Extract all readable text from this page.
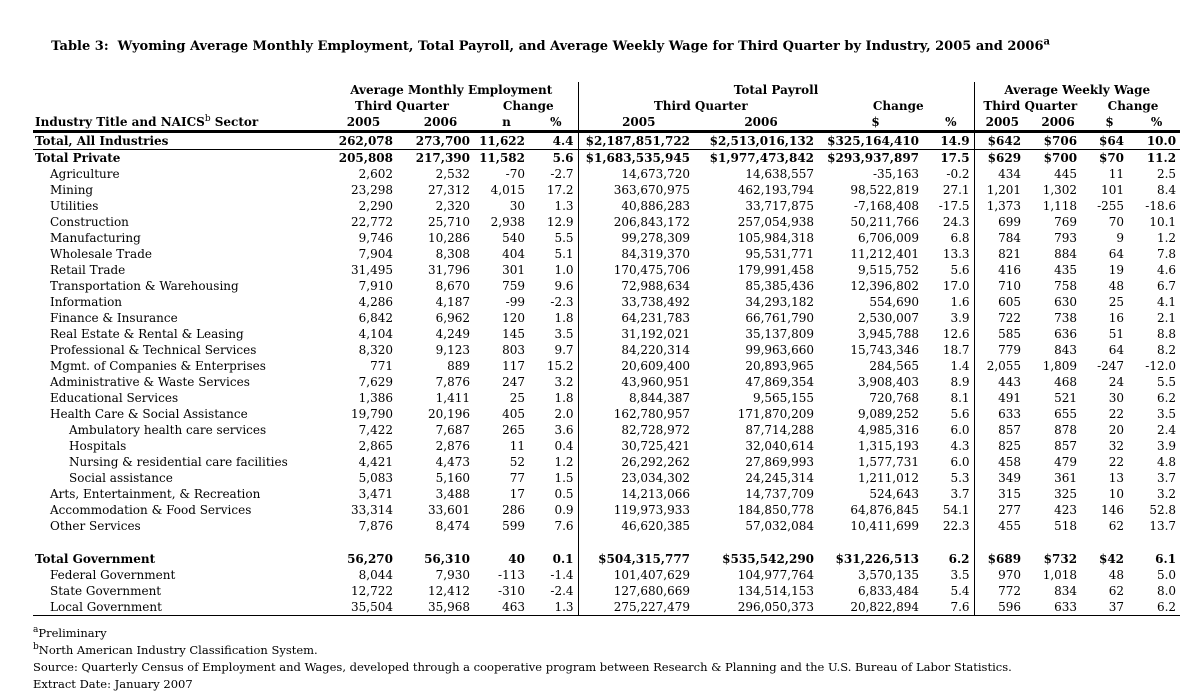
Table 3:  Wyoming Average Monthly Employment, Total Payroll, and Average Weekly Wage for Third Quarter by Industry, 2005 and 2006$^a$

Industry Title and NAICS$^b$ Sector	Average Monthly Employment				Total Payroll				Average Weekly Wage			
	Third Quarter		Change		Third Quarter		Change		Third Quarter		Change	
	2005	2006	n	%	2005	2006	$	%	2005	2006	$	%
Total, All Industries	262,078	273,700	11,622	4.4	$2,187,851,722	$2,513,016,132	$325,164,410	14.9	$642	$706	$64	10.0
Total Private	205,808	217,390	11,582	5.6	$1,683,535,945	$1,977,473,842	$293,937,897	17.5	$629	$700	$70	11.2
Agriculture	2,602	2,532	-70	-2.7	14,673,720	14,638,557	-35,163	-0.2	434	445	11	2.5
Mining	23,298	27,312	4,015	17.2	363,670,975	462,193,794	98,522,819	27.1	1,201	1,302	101	8.4
Utilities	2,290	2,320	30	1.3	40,886,283	33,717,875	-7,168,408	-17.5	1,373	1,118	-255	-18.6
Construction	22,772	25,710	2,938	12.9	206,843,172	257,054,938	50,211,766	24.3	699	769	70	10.1
Manufacturing	9,746	10,286	540	5.5	99,278,309	105,984,318	6,706,009	6.8	784	793	9	1.2
Wholesale Trade	7,904	8,308	404	5.1	84,319,370	95,531,771	11,212,401	13.3	821	884	64	7.8
Retail Trade	31,495	31,796	301	1.0	170,475,706	179,991,458	9,515,752	5.6	416	435	19	4.6
Transportation & Warehousing	7,910	8,670	759	9.6	72,988,634	85,385,436	12,396,802	17.0	710	758	48	6.7
Information	4,286	4,187	-99	-2.3	33,738,492	34,293,182	554,690	1.6	605	630	25	4.1
Finance & Insurance	6,842	6,962	120	1.8	64,231,783	66,761,790	2,530,007	3.9	722	738	16	2.1
Real Estate & Rental & Leasing	4,104	4,249	145	3.5	31,192,021	35,137,809	3,945,788	12.6	585	636	51	8.8
Professional & Technical Services	8,320	9,123	803	9.7	84,220,314	99,963,660	15,743,346	18.7	779	843	64	8.2
Mgmt. of Companies & Enterprises	771	889	117	15.2	20,609,400	20,893,965	284,565	1.4	2,055	1,809	-247	-12.0
Administrative & Waste Services	7,629	7,876	247	3.2	43,960,951	47,869,354	3,908,403	8.9	443	468	24	5.5
Educational Services	1,386	1,411	25	1.8	8,844,387	9,565,155	720,768	8.1	491	521	30	6.2
Health Care & Social Assistance	19,790	20,196	405	2.0	162,780,957	171,870,209	9,089,252	5.6	633	655	22	3.5
Ambulatory health care services	7,422	7,687	265	3.6	82,728,972	87,714,288	4,985,316	6.0	857	878	20	2.4
Hospitals	2,865	2,876	11	0.4	30,725,421	32,040,614	1,315,193	4.3	825	857	32	3.9
Nursing & residential care facilities	4,421	4,473	52	1.2	26,292,262	27,869,993	1,577,731	6.0	458	479	22	4.8
Social assistance	5,083	5,160	77	1.5	23,034,302	24,245,314	1,211,012	5.3	349	361	13	3.7
Arts, Entertainment, & Recreation	3,471	3,488	17	0.5	14,213,066	14,737,709	524,643	3.7	315	325	10	3.2
Accommodation & Food Services	33,314	33,601	286	0.9	119,973,933	184,850,778	64,876,845	54.1	277	423	146	52.8
Other Services	7,876	8,474	599	7.6	46,620,385	57,032,084	10,411,699	22.3	455	518	62	13.7

Total Government	56,270	56,310	40	0.1	$504,315,777	$535,542,290	$31,226,513	6.2	$689	$732	$42	6.1
Federal Government	8,044	7,930	-113	-1.4	101,407,629	104,977,764	3,570,135	3.5	970	1,018	48	5.0
State Government	12,722	12,412	-310	-2.4	127,680,669	134,514,153	6,833,484	5.4	772	834	62	8.0
Local Government	35,504	35,968	463	1.3	275,227,479	296,050,373	20,822,894	7.6	596	633	37	6.2
$^a$Preliminary
$^b$North American Industry Classification System.
Source: Quarterly Census of Employment and Wages, developed through a cooperative program between Research & Planning and the U.S. Bureau of Labor Statistics.
Extract Date: January 2007
